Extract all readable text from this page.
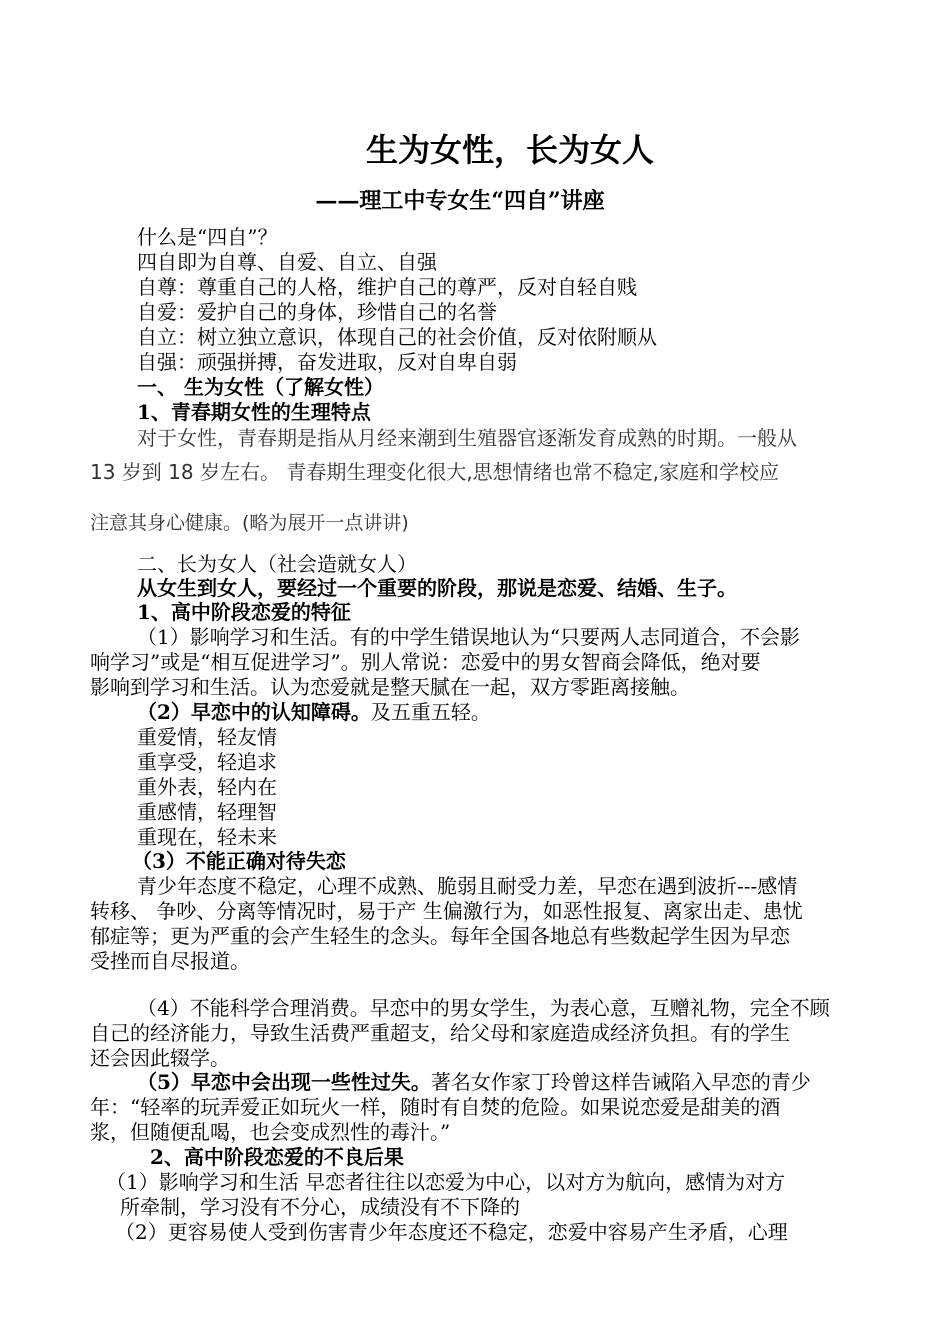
生为女性，长为女人
——理工中专女生“四自”讲座
什么是“四自”？
四自即为自尊、自爱、自立、自强
自尊：尊重自己的人格，维护自己的尊严，反对自轻自贱
自爱：爱护自己的身体，珍惜自己的名誉
自立：树立独立意识，体现自己的社会价值，反对依附顺从
自强：顽强拼搏，奋发进取，反对自卑自弱
一、 生为女性（了解女性）
1、青春期女性的生理特点
对于女性，青春期是指从月经来潮到生殖器官逐渐发育成熟的时期。一般从
13 岁到 18 岁左右。 青春期生理变化很大,思想情绪也常不稳定,家庭和学校应
注意其身心健康。(略为展开一点讲讲)
二、长为女人（社会造就女人）
从女生到女人，要经过一个重要的阶段，那说是恋爱、结婚、生子。
1、高中阶段恋爱的特征
（1）影响学习和生活。有的中学生错误地认为“只要两人志同道合，不会影
响学习”或是“相互促进学习”。别人常说：恋爱中的男女智商会降低，绝对要
影响到学习和生活。认为恋爱就是整天腻在一起，双方零距离接触。
（2）早恋中的认知障碍。及五重五轻。
重爱情，轻友情
重享受，轻追求
重外表，轻内在
重感情，轻理智
重现在，轻未来
（3）不能正确对待失恋
青少年态度不稳定，心理不成熟、脆弱且耐受力差，早恋在遇到波折---感情
转移、 争吵、分离等情况时，易于产 生偏激行为，如恶性报复、离家出走、患忧
郁症等；更为严重的会产生轻生的念头。每年全国各地总有些数起学生因为早恋
受挫而自尽报道。
（4）不能科学合理消费。早恋中的男女学生，为表心意，互赠礼物，完全不顾
自己的经济能力，导致生活费严重超支，给父母和家庭造成经济负担。有的学生
还会因此辍学。
（5）早恋中会出现一些性过失。著名女作家丁玲曾这样告诫陷入早恋的青少
年：“轻率的玩弄爱正如玩火一样，随时有自焚的危险。如果说恋爱是甜美的酒
浆，但随便乱喝，也会变成烈性的毒汁。”
2、高中阶段恋爱的不良后果
（1）影响学习和生活 早恋者往往以恋爱为中心，以对方为航向，感情为对方
所牵制，学习没有不分心，成绩没有不下降的
（2）更容易使人受到伤害青少年态度还不稳定，恋爱中容易产生矛盾，心理
